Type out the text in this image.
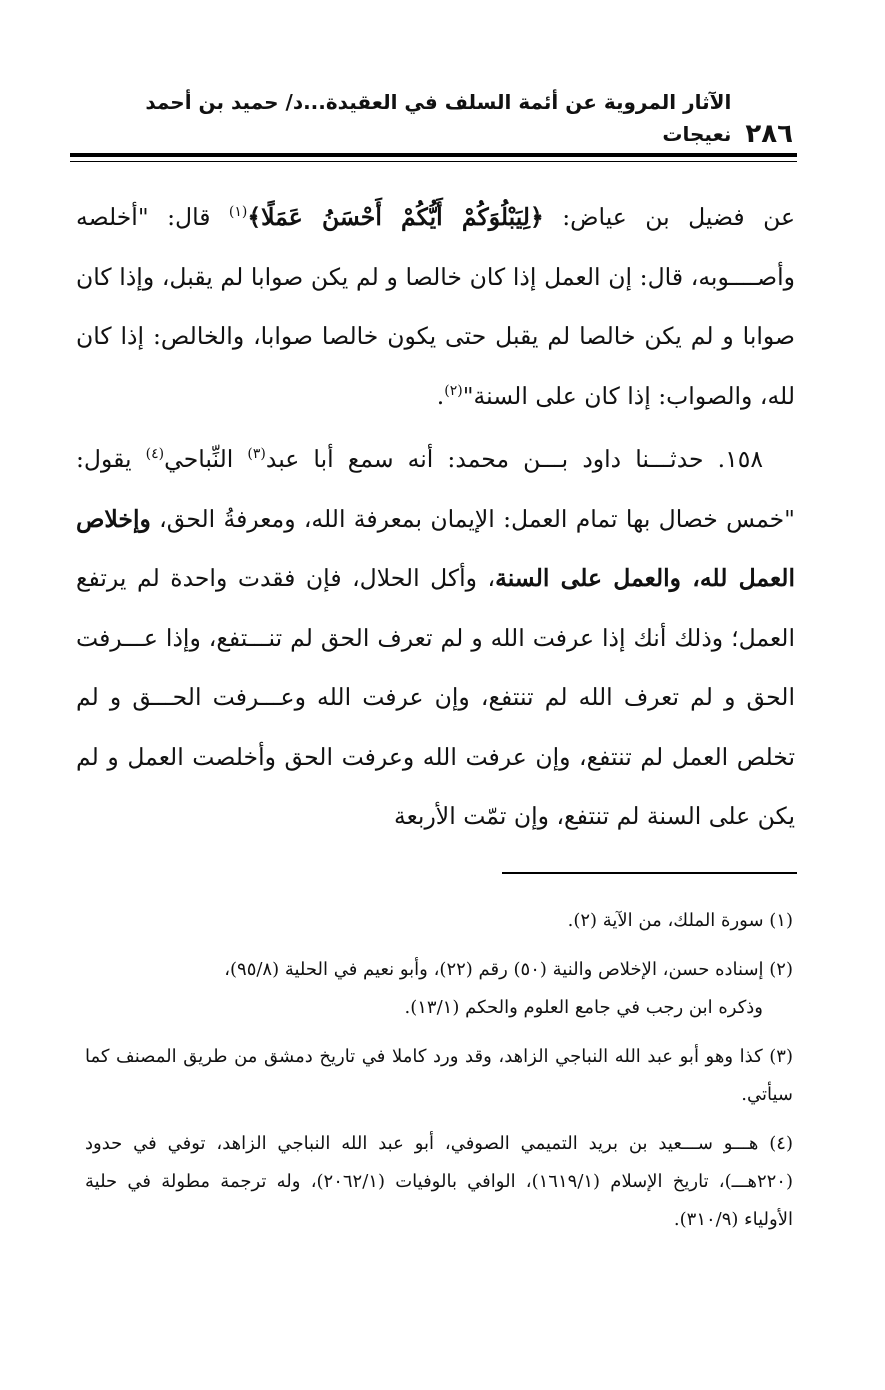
٢٨٦
الآثار المروية عن أئمة السلف في العقيدة...د/ حميد بن أحمد نعيجات

عن فضيل بن عياض: ﴿لِيَبْلُوَكُمْ أَيُّكُمْ أَحْسَنُ عَمَلًا﴾$^{(١)}$ قال: "أخلصه وأصــــوبه، قال: إن العمل إذا كان خالصا و لم يكن صوابا لم يقبل، وإذا كان صوابا و لم يكن خالصا لم يقبل حتى يكون خالصا صوابا، والخالص: إذا كان لله، والصواب: إذا كان على السنة"$^{(٢)}$.

١٥٨. حدثـــنا داود بـــن محمد: أنه سمع أبا عبد$^{(٣)}$ النِّباحي$^{(٤)}$ يقول: "خمس خصال بها تمام العمل: الإيمان بمعرفة الله، ومعرفةُ الحق، وإخلاص العمل لله، والعمل على السنة، وأكل الحلال، فإن فقدت واحدة لم يرتفع العمل؛ وذلك أنك إذا عرفت الله و لم تعرف الحق لم تنـــتفع، وإذا عـــرفت الحق و لم تعرف الله لم تنتفع، وإن عرفت الله وعـــرفت الحـــق و لم تخلص العمل لم تنتفع، وإن عرفت الله وعرفت الحق وأخلصت العمل و لم يكن على السنة لم تنتفع، وإن تمّت الأربعة

(١) سورة الملك، من الآية (٢).

(٢) إسناده حسن، الإخلاص والنية (٥٠) رقم (٢٢)، وأبو نعيم في الحلية (٩٥/٨)،
وذكره ابن رجب في جامع العلوم والحكم (١٣/١).

(٣) كذا وهو أبو عبد الله النباجي الزاهد، وقد ورد كاملا في تاريخ دمشق من طريق المصنف كما سيأتي.

(٤) هـــو ســـعيد بن بريد التميمي الصوفي، أبو عبد الله النباجي الزاهد، توفي في حدود (٢٢٠هـــ)، تاريخ الإسلام (١٦١٩/١)، الوافي بالوفيات (٢٠٦٢/١)، وله ترجمة مطولة في حلية الأولياء (٣١٠/٩).
